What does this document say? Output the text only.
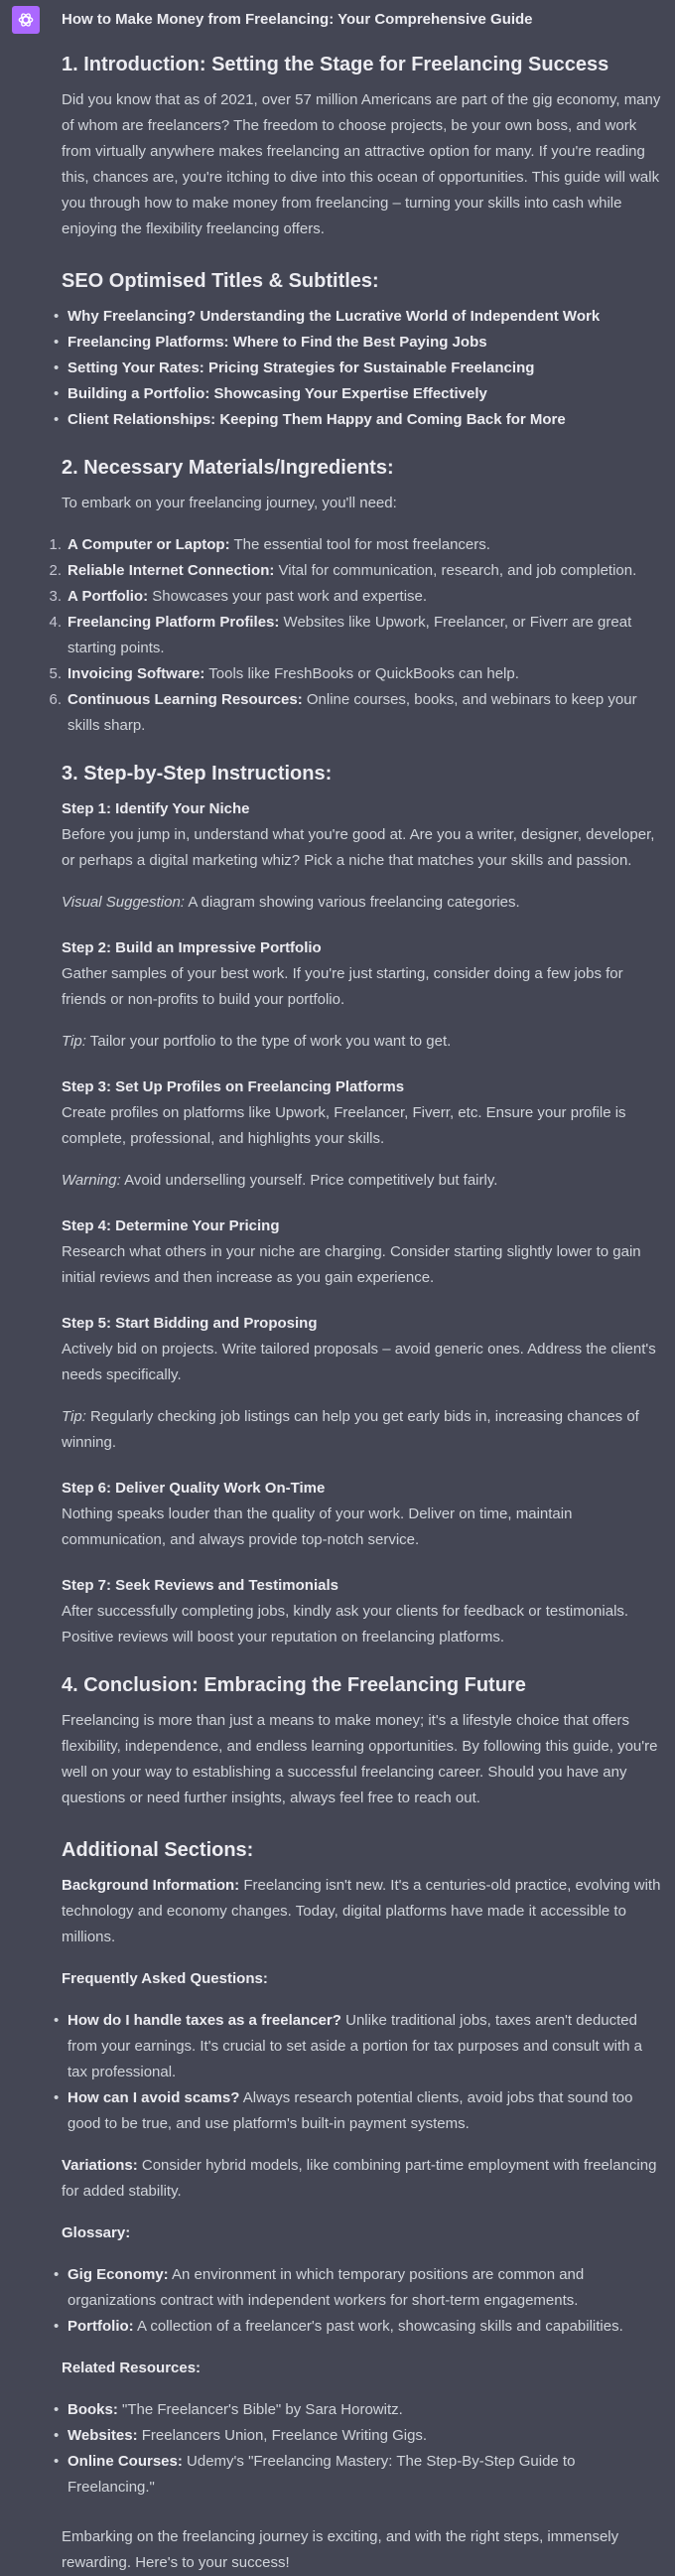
How to Make Money from Freelancing: Your Comprehensive Guide
1. Introduction: Setting the Stage for Freelancing Success

Did you know that as of 2021, over 57 million Americans are part of the gig economy, many of whom are freelancers? The freedom to choose projects, be your own boss, and work from virtually anywhere makes freelancing an attractive option for many. If you're reading this, chances are, you're itching to dive into this ocean of opportunities. This guide will walk you through how to make money from freelancing – turning your skills into cash while enjoying the flexibility freelancing offers.

SEO Optimised Titles & Subtitles:
• Why Freelancing? Understanding the Lucrative World of Independent Work
• Freelancing Platforms: Where to Find the Best Paying Jobs
• Setting Your Rates: Pricing Strategies for Sustainable Freelancing
• Building a Portfolio: Showcasing Your Expertise Effectively
• Client Relationships: Keeping Them Happy and Coming Back for More
2. Necessary Materials/Ingredients:

To embark on your freelancing journey, you'll need:

1. A Computer or Laptop: The essential tool for most freelancers.
2. Reliable Internet Connection: Vital for communication, research, and job completion.
3. A Portfolio: Showcases your past work and expertise.
4. Freelancing Platform Profiles: Websites like Upwork, Freelancer, or Fiverr are great starting points.
5. Invoicing Software: Tools like FreshBooks or QuickBooks can help.
6. Continuous Learning Resources: Online courses, books, and webinars to keep your skills sharp.
3. Step-by-Step Instructions:

Step 1: Identify Your Niche

Before you jump in, understand what you're good at. Are you a writer, designer, developer, or perhaps a digital marketing whiz? Pick a niche that matches your skills and passion.

Visual Suggestion: A diagram showing various freelancing categories.

Step 2: Build an Impressive Portfolio

Gather samples of your best work. If you're just starting, consider doing a few jobs for friends or non-profits to build your portfolio.

Tip: Tailor your portfolio to the type of work you want to get.

Step 3: Set Up Profiles on Freelancing Platforms

Create profiles on platforms like Upwork, Freelancer, Fiverr, etc. Ensure your profile is complete, professional, and highlights your skills.

Warning: Avoid underselling yourself. Price competitively but fairly.

Step 4: Determine Your Pricing

Research what others in your niche are charging. Consider starting slightly lower to gain initial reviews and then increase as you gain experience.

Step 5: Start Bidding and Proposing

Actively bid on projects. Write tailored proposals – avoid generic ones. Address the client's needs specifically.

Tip: Regularly checking job listings can help you get early bids in, increasing chances of winning.

Step 6: Deliver Quality Work On-Time

Nothing speaks louder than the quality of your work. Deliver on time, maintain communication, and always provide top-notch service.

Step 7: Seek Reviews and Testimonials

After successfully completing jobs, kindly ask your clients for feedback or testimonials. Positive reviews will boost your reputation on freelancing platforms.

4. Conclusion: Embracing the Freelancing Future

Freelancing is more than just a means to make money; it's a lifestyle choice that offers flexibility, independence, and endless learning opportunities. By following this guide, you're well on your way to establishing a successful freelancing career. Should you have any questions or need further insights, always feel free to reach out.

Additional Sections:

Background Information: Freelancing isn't new. It's a centuries-old practice, evolving with technology and economy changes. Today, digital platforms have made it accessible to millions.

Frequently Asked Questions:

• How do I handle taxes as a freelancer? Unlike traditional jobs, taxes aren't deducted from your earnings. It's crucial to set aside a portion for tax purposes and consult with a tax professional.
• How can I avoid scams? Always research potential clients, avoid jobs that sound too good to be true, and use platform's built-in payment systems.

Variations: Consider hybrid models, like combining part-time employment with freelancing for added stability.

Glossary:

• Gig Economy: An environment in which temporary positions are common and organizations contract with independent workers for short-term engagements.
• Portfolio: A collection of a freelancer's past work, showcasing skills and capabilities.

Related Resources:

• Books: "The Freelancer's Bible" by Sara Horowitz.
• Websites: Freelancers Union, Freelance Writing Gigs.
• Online Courses: Udemy's "Freelancing Mastery: The Step-By-Step Guide to Freelancing."

Embarking on the freelancing journey is exciting, and with the right steps, immensely rewarding. Here's to your success!
